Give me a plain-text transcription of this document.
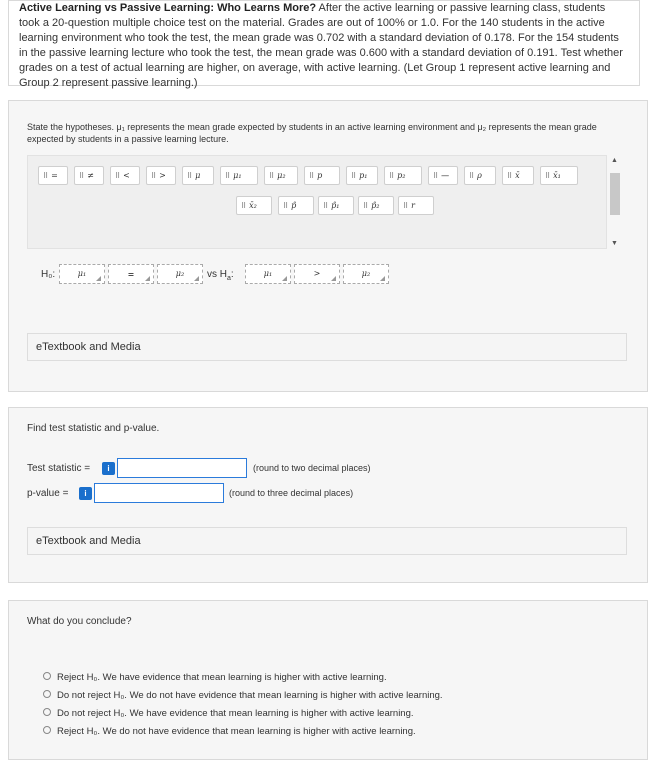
Active Learning vs Passive Learning: Who Learns More? After the active learning or passive learning class, students took a 20-question multiple choice test on the material. Grades are out of 100% or 1.0. For the 140 students in the active learning environment who took the test, the mean grade was 0.702 with a standard deviation of 0.178. For the 154 students in the passive learning lecture who took the test, the mean grade was 0.600 with a standard deviation of 0.191. Test whether grades on a test of actual learning are higher, on average, with active learning. (Let Group 1 represent active learning and Group 2 represent passive learning.)
State the hypotheses. μ₁ represents the mean grade expected by students in an active learning environment and μ₂ represents the mean grade expected by students in a passive learning lecture.
⠿ =	⠿ ≠	⠿ <	⠿ >	⠿ μ	⠿ μ₁	⠿ μ₂	⠿ p	⠿ p₁	⠿ p₂	⠿ —	⠿ ρ	⠿ x̄	⠿ x̄₁
⠿ x̄₂	⠿ p̂	⠿ p̂₁	⠿ p̂₂	⠿ r
▲
▼
H₀:	μ₁	=	μ₂	vs $H_a$:	μ₁	>	μ₂
eTextbook and Media
Find test statistic and p-value.
Test statistic =	i	(round to two decimal places)
p-value =	i	(round to three decimal places)
eTextbook and Media
What do you conclude?
Reject H₀. We have evidence that mean learning is higher with active learning.
Do not reject H₀. We do not have evidence that mean learning is higher with active learning.
Do not reject H₀. We have evidence that mean learning is higher with active learning.
Reject H₀. We do not have evidence that mean learning is higher with active learning.
